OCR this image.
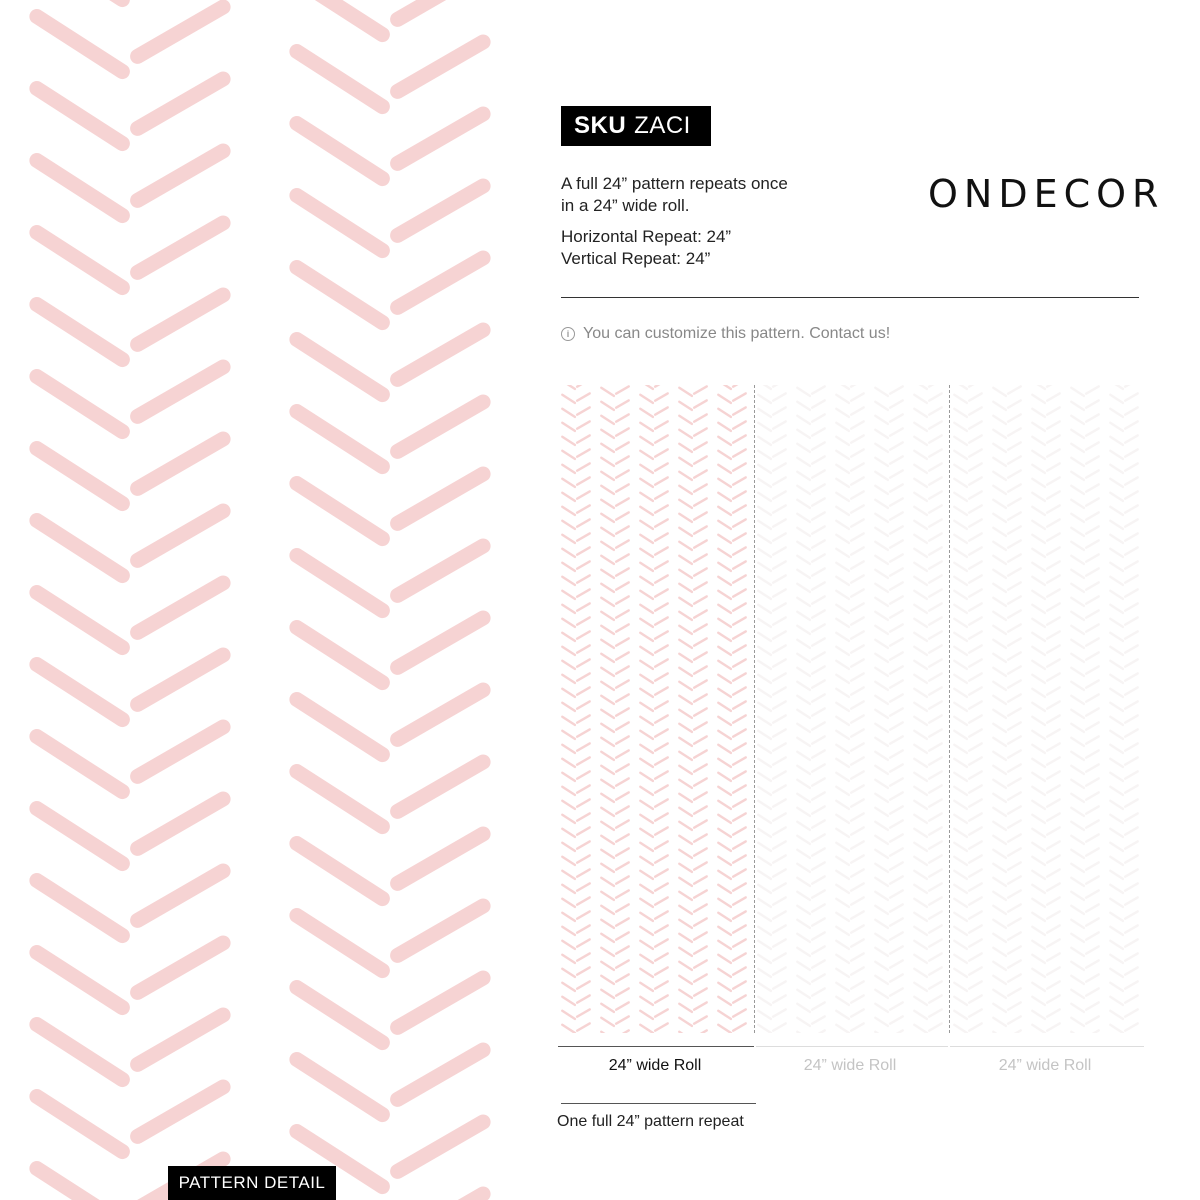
PATTERN DETAIL
SKU ZACI
A full 24” pattern repeats once
in a 24” wide roll.
Horizontal Repeat: 24”
Vertical Repeat: 24”
ONDECOR
i You can customize this pattern. Contact us!
24” wide Roll	24” wide Roll	24” wide Roll
One full 24” pattern repeat
